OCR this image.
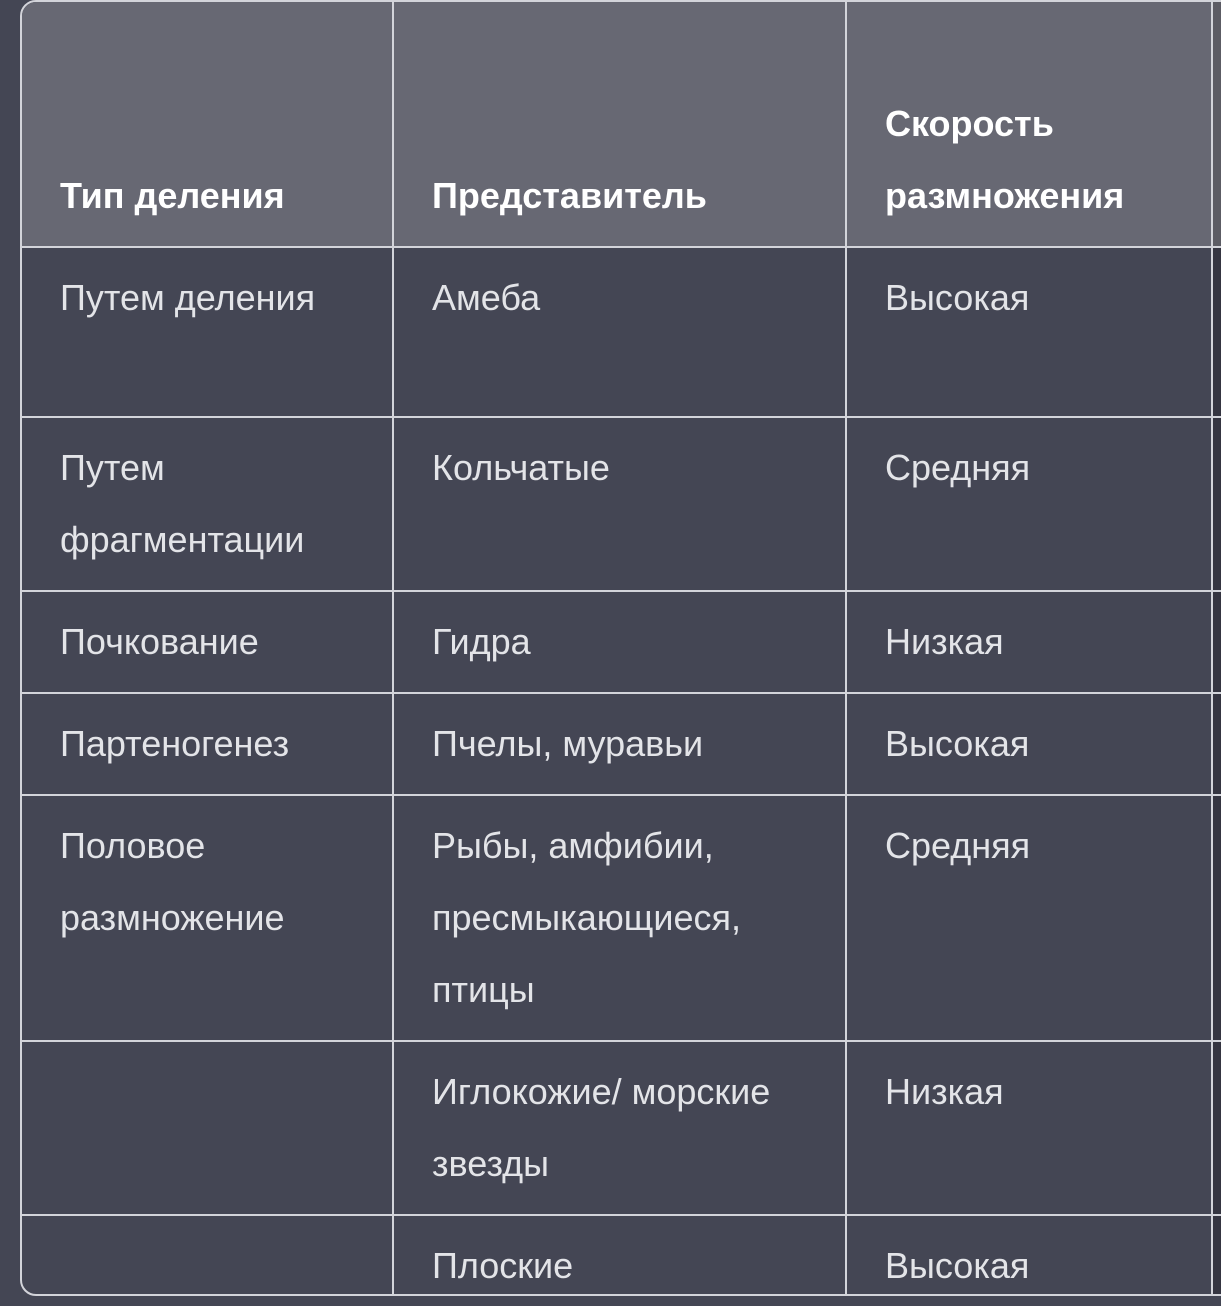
Тип деления	Представитель	Скорость размножения	
Путем деления	Амеба	Высокая	
Путем фрагментации	Кольчатые	Средняя	
Почкование	Гидра	Низкая	
Партеногенез	Пчелы, муравьи	Высокая	
Половое размножение	Рыбы, амфибии, пресмыкающиеся, птицы	Средняя	
	Иглокожие/ морские звезды	Низкая	
	Плоские	Высокая	
